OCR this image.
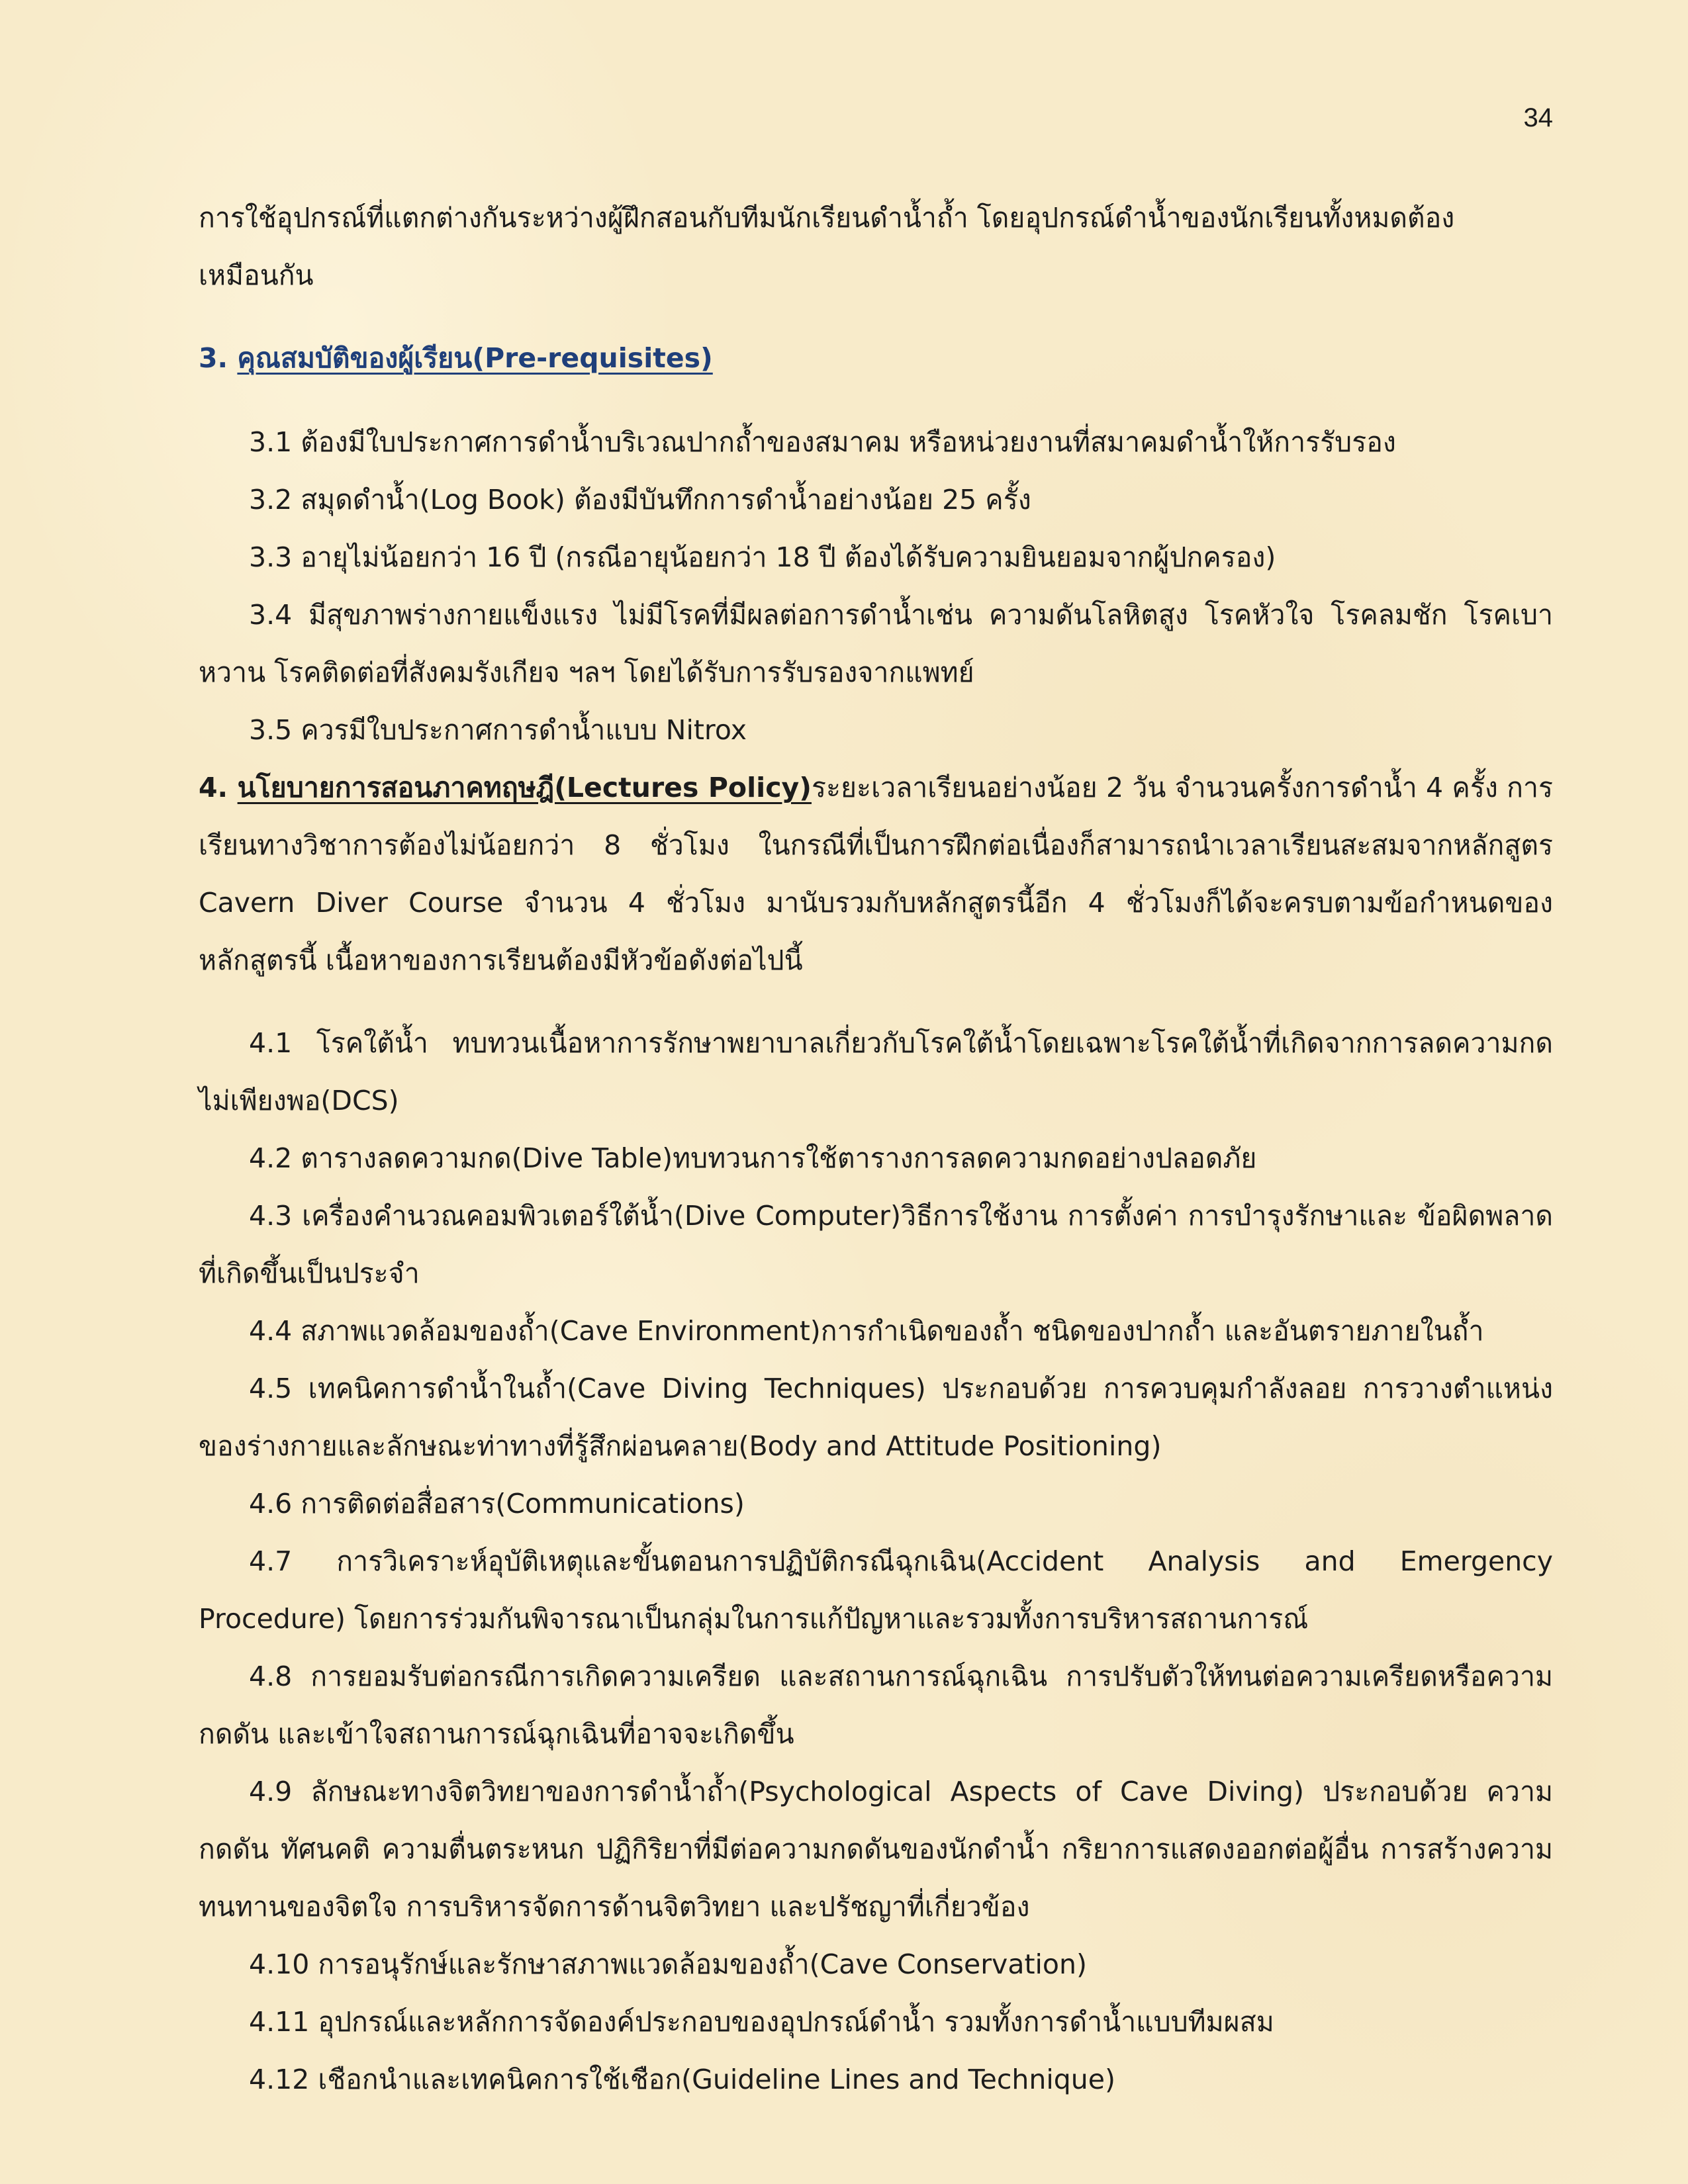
34

การใช้อุปกรณ์ที่แตกต่างกันระหว่างผู้ฝึกสอนกับทีมนักเรียนดำน้ำถ้ำ โดยอุปกรณ์ดำน้ำของนักเรียนทั้งหมดต้อง

เหมือนกัน

3. คุณสมบัติของผู้เรียน(Pre-requisites)

3.1 ต้องมีใบประกาศการดำน้ำบริเวณปากถ้ำของสมาคม หรือหน่วยงานที่สมาคมดำน้ำให้การรับรอง

3.2 สมุดดำน้ำ(Log Book) ต้องมีบันทึกการดำน้ำอย่างน้อย 25 ครั้ง

3.3 อายุไม่น้อยกว่า 16 ปี (กรณีอายุน้อยกว่า 18 ปี ต้องได้รับความยินยอมจากผู้ปกครอง)

3.4 มีสุขภาพร่างกายแข็งแรง ไม่มีโรคที่มีผลต่อการดำน้ำเช่น ความดันโลหิตสูง โรคหัวใจ โรคลมชัก โรคเบาหวาน โรคติดต่อที่สังคมรังเกียจ ฯลฯ โดยได้รับการรับรองจากแพทย์

3.5 ควรมีใบประกาศการดำน้ำแบบ Nitrox

4. นโยบายการสอนภาคทฤษฎี(Lectures Policy)ระยะเวลาเรียนอย่างน้อย 2 วัน จำนวนครั้งการดำน้ำ 4 ครั้ง การเรียนทางวิชาการต้องไม่น้อยกว่า 8 ชั่วโมง ในกรณีที่เป็นการฝึกต่อเนื่องก็สามารถนำเวลาเรียนสะสมจากหลักสูตร Cavern Diver Course จำนวน 4 ชั่วโมง มานับรวมกับหลักสูตรนี้อีก 4 ชั่วโมงก็ได้จะครบตามข้อกำหนดของหลักสูตรนี้ เนื้อหาของการเรียนต้องมีหัวข้อดังต่อไปนี้

4.1 โรคใต้น้ำ ทบทวนเนื้อหาการรักษาพยาบาลเกี่ยวกับโรคใต้น้ำโดยเฉพาะโรคใต้น้ำที่เกิดจากการลดความกดไม่เพียงพอ(DCS)

4.2 ตารางลดความกด(Dive Table)ทบทวนการใช้ตารางการลดความกดอย่างปลอดภัย

4.3 เครื่องคำนวณคอมพิวเตอร์ใต้น้ำ(Dive Computer)วิธีการใช้งาน การตั้งค่า การบำรุงรักษาและ ข้อผิดพลาดที่เกิดขึ้นเป็นประจำ

4.4 สภาพแวดล้อมของถ้ำ(Cave Environment)การกำเนิดของถ้ำ ชนิดของปากถ้ำ และอันตรายภายในถ้ำ

4.5 เทคนิคการดำน้ำในถ้ำ(Cave Diving Techniques) ประกอบด้วย การควบคุมกำลังลอย การวางตำแหน่งของร่างกายและลักษณะท่าทางที่รู้สึกผ่อนคลาย(Body and Attitude Positioning)

4.6 การติดต่อสื่อสาร(Communications)

4.7 การวิเคราะห์อุบัติเหตุและขั้นตอนการปฏิบัติกรณีฉุกเฉิน(Accident Analysis and Emergency Procedure) โดยการร่วมกันพิจารณาเป็นกลุ่มในการแก้ปัญหาและรวมทั้งการบริหารสถานการณ์

4.8 การยอมรับต่อกรณีการเกิดความเครียด และสถานการณ์ฉุกเฉิน การปรับตัวให้ทนต่อความเครียดหรือความกดดัน และเข้าใจสถานการณ์ฉุกเฉินที่อาจจะเกิดขึ้น

4.9 ลักษณะทางจิตวิทยาของการดำน้ำถ้ำ(Psychological Aspects of Cave Diving) ประกอบด้วย ความกดดัน ทัศนคติ ความตื่นตระหนก ปฏิกิริยาที่มีต่อความกดดันของนักดำน้ำ กริยาการแสดงออกต่อผู้อื่น การสร้างความทนทานของจิตใจ การบริหารจัดการด้านจิตวิทยา และปรัชญาที่เกี่ยวข้อง

4.10 การอนุรักษ์และรักษาสภาพแวดล้อมของถ้ำ(Cave Conservation)

4.11 อุปกรณ์และหลักการจัดองค์ประกอบของอุปกรณ์ดำน้ำ รวมทั้งการดำน้ำแบบทีมผสม

4.12 เชือกนำและเทคนิคการใช้เชือก(Guideline Lines and Technique)
